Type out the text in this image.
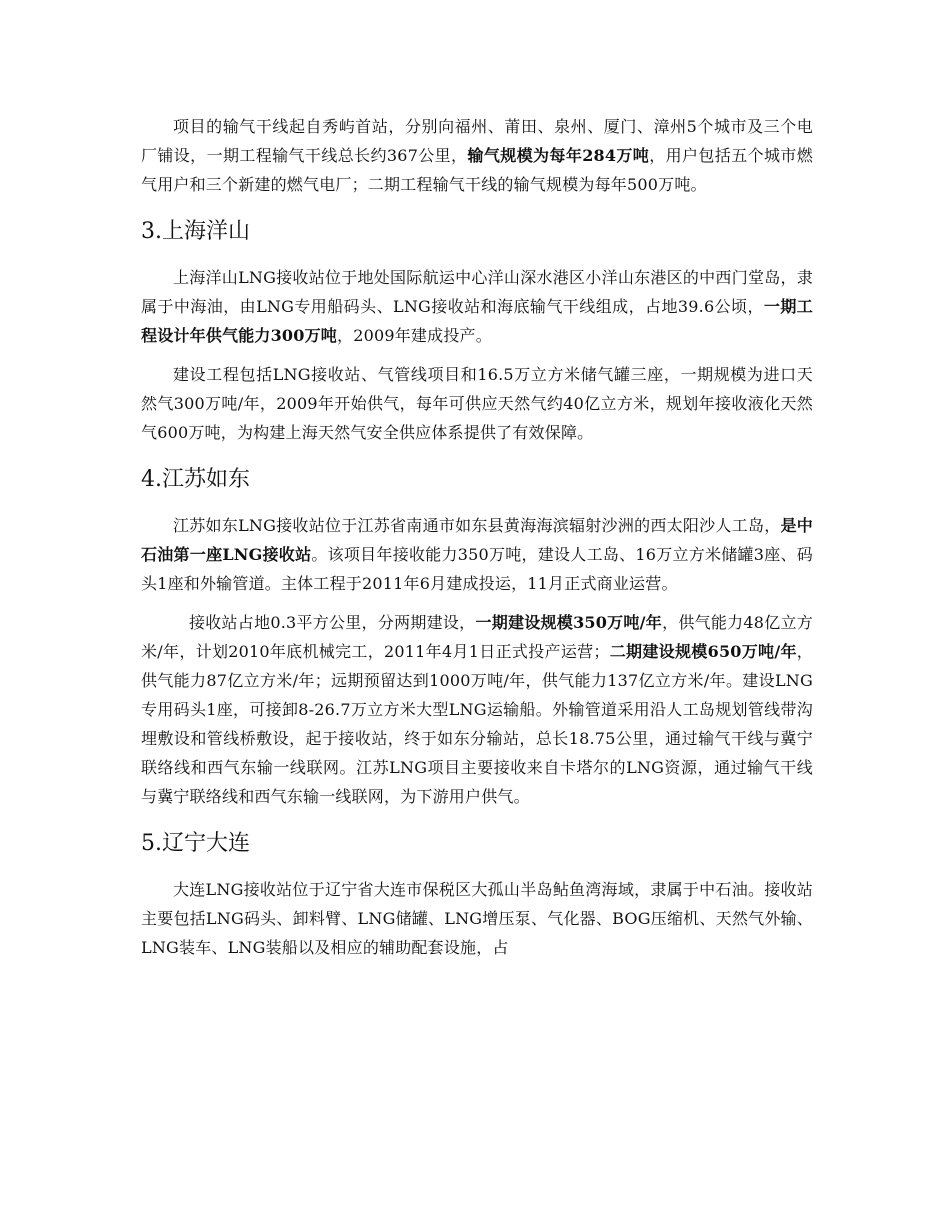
项目的输气干线起自秀屿首站，分别向福州、莆田、泉州、厦门、漳州5个城市及三个电厂铺设，一期工程输气干线总长约367公里，输气规模为每年284万吨，用户包括五个城市燃气用户和三个新建的燃气电厂；二期工程输气干线的输气规模为每年500万吨。

3.上海洋山

上海洋山LNG接收站位于地处国际航运中心洋山深水港区小洋山东港区的中西门堂岛，隶属于中海油，由LNG专用船码头、LNG接收站和海底输气干线组成，占地39.6公顷，一期工程设计年供气能力300万吨，2009年建成投产。

建设工程包括LNG接收站、气管线项目和16.5万立方米储气罐三座，一期规模为进口天然气300万吨/年，2009年开始供气，每年可供应天然气约40亿立方米，规划年接收液化天然气600万吨，为构建上海天然气安全供应体系提供了有效保障。

4.江苏如东

江苏如东LNG接收站位于江苏省南通市如东县黄海海滨辐射沙洲的西太阳沙人工岛，是中石油第一座LNG接收站。该项目年接收能力350万吨，建设人工岛、16万立方米储罐3座、码头1座和外输管道。主体工程于2011年6月建成投运，11月正式商业运营。

接收站占地0.3平方公里，分两期建设，一期建设规模350万吨/年，供气能力48亿立方米/年，计划2010年底机械完工，2011年4月1日正式投产运营；二期建设规模650万吨/年，供气能力87亿立方米/年；远期预留达到1000万吨/年，供气能力137亿立方米/年。建设LNG专用码头1座，可接卸8-26.7万立方米大型LNG运输船。外输管道采用沿人工岛规划管线带沟埋敷设和管线桥敷设，起于接收站，终于如东分输站，总长18.75公里，通过输气干线与冀宁联络线和西气东输一线联网。江苏LNG项目主要接收来自卡塔尔的LNG资源，通过输气干线与冀宁联络线和西气东输一线联网，为下游用户供气。

5.辽宁大连

大连LNG接收站位于辽宁省大连市保税区大孤山半岛鲇鱼湾海域，隶属于中石油。接收站主要包括LNG码头、卸料臂、LNG储罐、LNG增压泵、气化器、BOG压缩机、天然气外输、LNG装车、LNG装船以及相应的辅助配套设施，占
